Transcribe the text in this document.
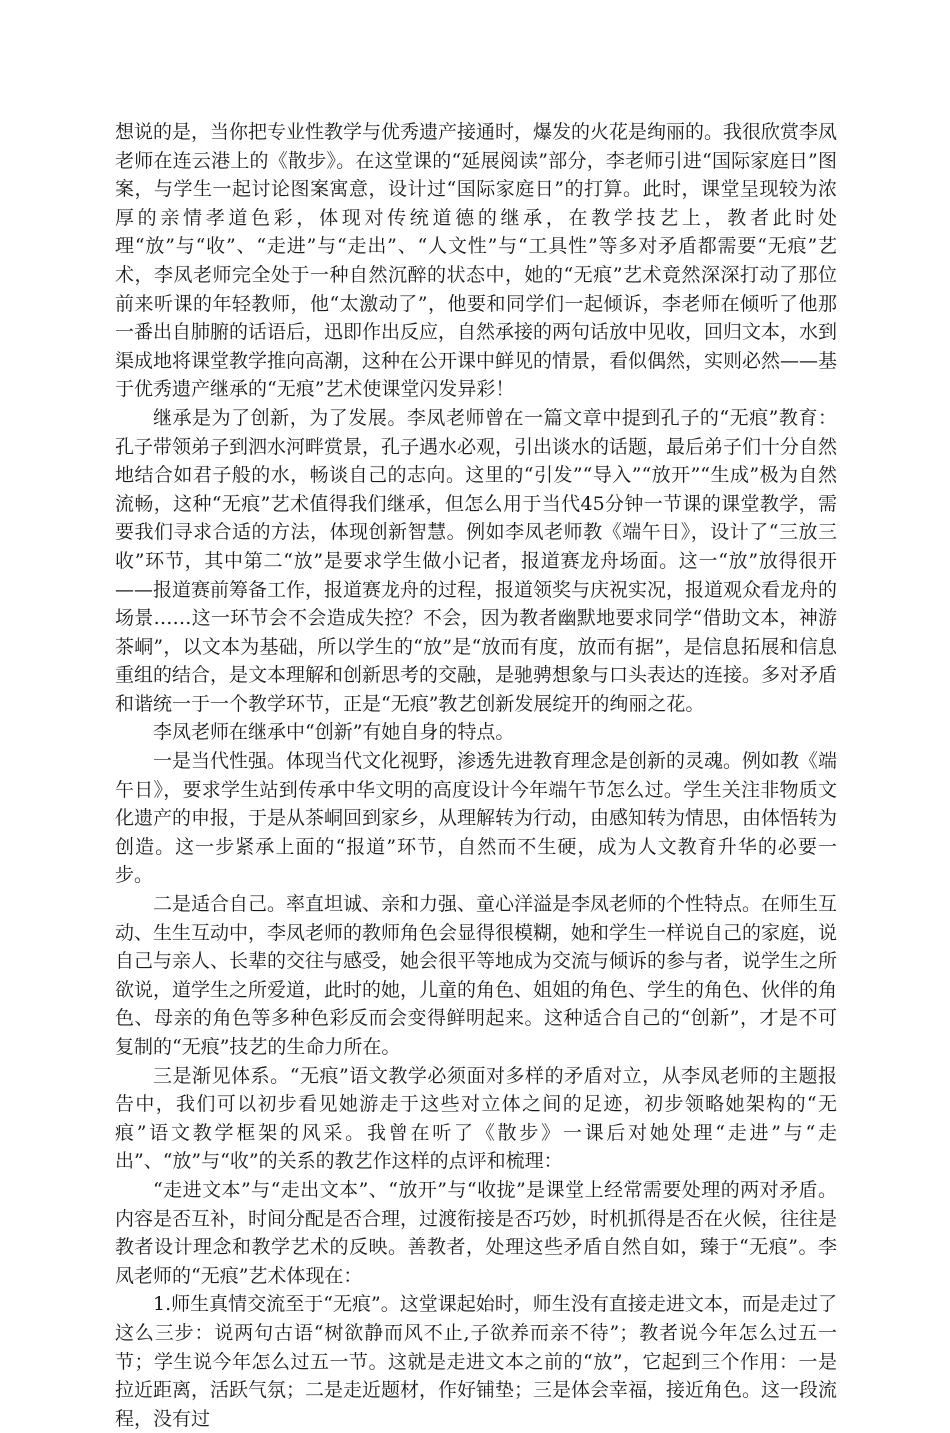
想说的是，当你把专业性教学与优秀遗产接通时，爆发的火花是绚丽的。我很欣赏李凤老师在连云港上的《散步》。在这堂课的“延展阅读”部分，李老师引进“国际家庭日”图案，与学生一起讨论图案寓意，设计过“国际家庭日”的打算。此时，课堂呈现较为浓厚的亲情孝道色彩，体现对传统道德的继承，在教学技艺上，教者此时处理“放”与“收”、“走进”与“走出”、“人文性”与“工具性”等多对矛盾都需要“无痕”艺术，李凤老师完全处于一种自然沉醉的状态中，她的“无痕”艺术竟然深深打动了那位前来听课的年轻教师，他“太激动了”，他要和同学们一起倾诉，李老师在倾听了他那一番出自肺腑的话语后，迅即作出反应，自然承接的两句话放中见收，回归文本，水到渠成地将课堂教学推向高潮，这种在公开课中鲜见的情景，看似偶然，实则必然——基于优秀遗产继承的“无痕”艺术使课堂闪发异彩！

继承是为了创新，为了发展。李凤老师曾在一篇文章中提到孔子的“无痕”教育：孔子带领弟子到泗水河畔赏景，孔子遇水必观，引出谈水的话题，最后弟子们十分自然地结合如君子般的水，畅谈自己的志向。这里的“引发”“导入”“放开”“生成”极为自然流畅，这种“无痕”艺术值得我们继承，但怎么用于当代45分钟一节课的课堂教学，需要我们寻求合适的方法，体现创新智慧。例如李凤老师教《端午日》，设计了“三放三收”环节，其中第二“放”是要求学生做小记者，报道赛龙舟场面。这一“放”放得很开——报道赛前筹备工作，报道赛龙舟的过程，报道领奖与庆祝实况，报道观众看龙舟的场景……这一环节会不会造成失控？不会，因为教者幽默地要求同学“借助文本，神游茶峒”，以文本为基础，所以学生的“放”是“放而有度，放而有据”，是信息拓展和信息重组的结合，是文本理解和创新思考的交融，是驰骋想象与口头表达的连接。多对矛盾和谐统一于一个教学环节，正是“无痕”教艺创新发展绽开的绚丽之花。

李凤老师在继承中“创新”有她自身的特点。

一是当代性强。体现当代文化视野，渗透先进教育理念是创新的灵魂。例如教《端午日》，要求学生站到传承中华文明的高度设计今年端午节怎么过。学生关注非物质文化遗产的申报，于是从茶峒回到家乡，从理解转为行动，由感知转为情思，由体悟转为创造。这一步紧承上面的“报道”环节，自然而不生硬，成为人文教育升华的必要一步。

二是适合自己。率直坦诚、亲和力强、童心洋溢是李凤老师的个性特点。在师生互动、生生互动中，李凤老师的教师角色会显得很模糊，她和学生一样说自己的家庭，说自己与亲人、长辈的交往与感受，她会很平等地成为交流与倾诉的参与者，说学生之所欲说，道学生之所爱道，此时的她，儿童的角色、姐姐的角色、学生的角色、伙伴的角色、母亲的角色等多种色彩反而会变得鲜明起来。这种适合自己的“创新”，才是不可复制的“无痕”技艺的生命力所在。

三是渐见体系。“无痕”语文教学必须面对多样的矛盾对立，从李凤老师的主题报告中，我们可以初步看见她游走于这些对立体之间的足迹，初步领略她架构的“无痕”语文教学框架的风采。我曾在听了《散步》一课后对她处理“走进”与“走出”、“放”与“收”的关系的教艺作这样的点评和梳理：

“走进文本”与“走出文本”、“放开”与“收拢”是课堂上经常需要处理的两对矛盾。内容是否互补，时间分配是否合理，过渡衔接是否巧妙，时机抓得是否在火候，往往是教者设计理念和教学艺术的反映。善教者，处理这些矛盾自然自如，臻于“无痕”。李凤老师的“无痕”艺术体现在：

1.师生真情交流至于“无痕”。这堂课起始时，师生没有直接走进文本，而是走过了这么三步：说两句古语“树欲静而风不止,子欲养而亲不待”；教者说今年怎么过五一节；学生说今年怎么过五一节。这就是走进文本之前的“放”，它起到三个作用：一是拉近距离，活跃气氛；二是走近题材，作好铺垫；三是体会幸福，接近角色。这一段流程，没有过
